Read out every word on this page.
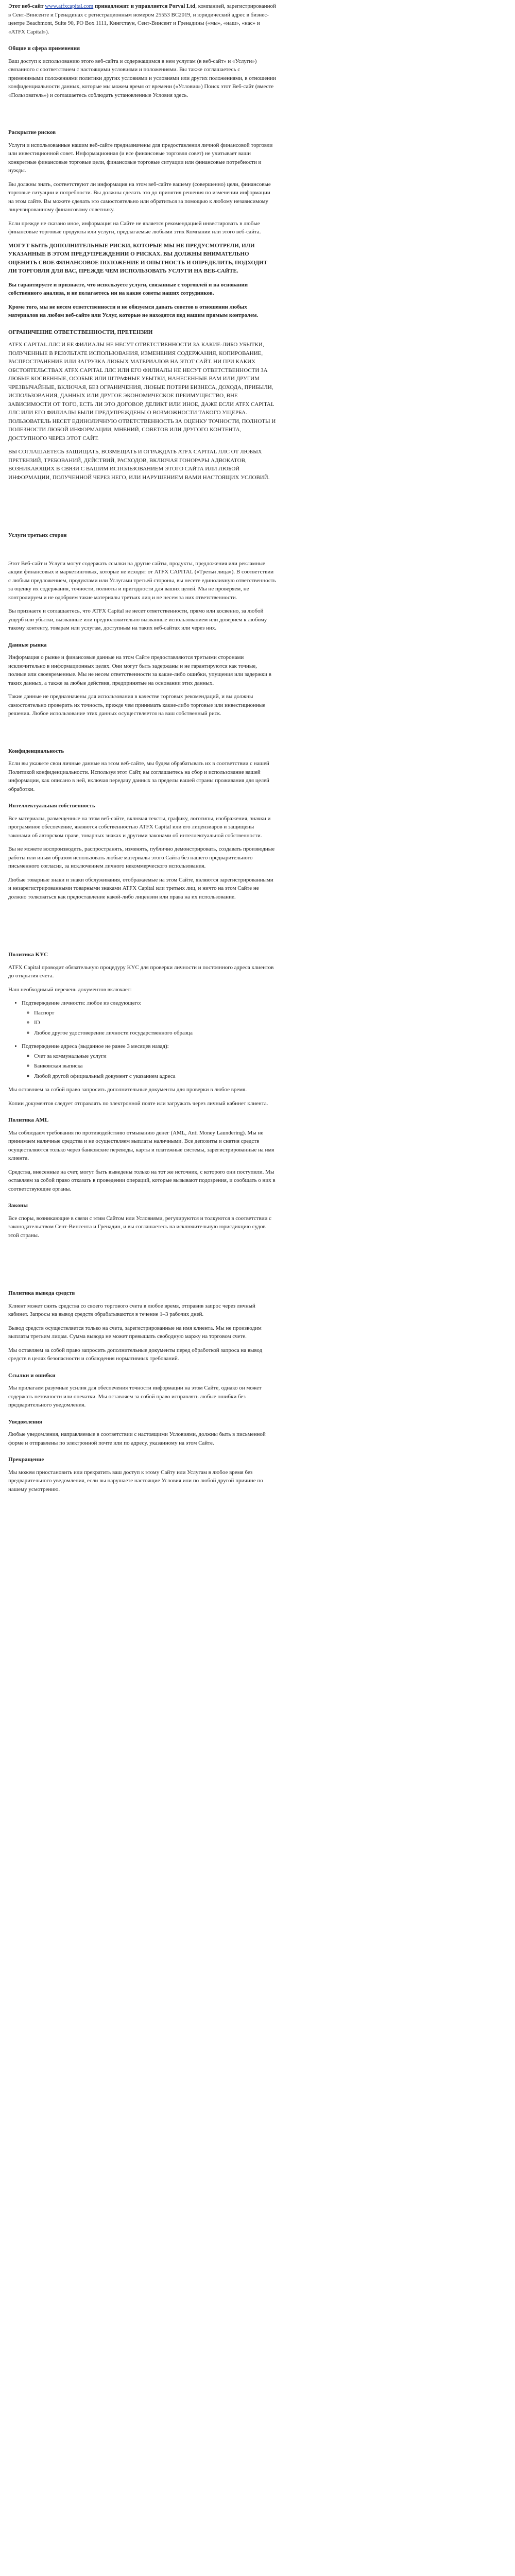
Этот веб-сайт www.atfxcapital.com принадлежит и управляется Porval Ltd, компанией, зарегистрированной в Сент-Винсенте и Гренадинах с регистрационным номером 25553 BC2019, и юридический адрес в бизнес-центре Beachmont, Suite 90, PO Box 1111, Кингстаун, Сент-Винсент и Гренадины («мы», «наш», «нас» и «ATFX Capital»).

Общие и сфера применения

Ваш доступ к использованию этого веб-сайта и содержащимся в нем услугам (в веб-сайт» и «Услуги») связанного с соответствием с настоящими условиями и положениями. Вы также соглашаетесь с применимыми положениями политики других условиями и условиями или других положениями, в отношении конфиденциальности данных, которые мы можем время от времени («Условия») Поиск этот Веб-сайт (вместе «Пользователь») и соглашаетесь соблюдать установленные Условия здесь.

Раскрытие рисков

Услуги и использованные нашим веб-сайте предназначены для предоставления личной финансовой торговли или инвестиционной совет. Информационная (и все финансовые торговля совет) не учитывает ваши конкретные финансовые торговые цели, финансовые торговые ситуации или финансовые потребности и нужды.

Вы должны знать, соответствуют ли информация на этом веб-сайте вашему (совершенно) цели, финансовые торговые ситуации и потребности. Вы должны сделать это до принятия решения по изменении информации на этом сайте. Вы можете сделать это самостоятельно или обратиться за помощью к любому независимому лицензированному финансовому советнику.

Если прежде не сказано иное, информация на Сайте не является рекомендацией инвестировать в любые финансовые торговые продукты или услуги, предлагаемые любыми этих Компании или этого веб-сайта.

МОГУТ БЫТЬ ДОПОЛНИТЕЛЬНЫЕ РИСКИ, КОТОРЫЕ МЫ НЕ ПРЕДУСМОТРЕЛИ, ИЛИ УКАЗАННЫЕ В ЭТОМ ПРЕДУПРЕЖДЕНИИ О РИСКАХ. ВЫ ДОЛЖНЫ ВНИМАТЕЛЬНО ОЦЕНИТЬ СВОЕ ФИНАНСОВОЕ ПОЛОЖЕНИЕ И ОПЫТНОСТЬ И ОПРЕДЕЛИТЬ, ПОДХОДИТ ЛИ ТОРГОВЛЯ ДЛЯ ВАС, ПРЕЖДЕ ЧЕМ ИСПОЛЬЗОВАТЬ УСЛУГИ НА ВЕБ-САЙТЕ.

Вы гарантируете и признаете, что используете услуги, связанные с торговлей и на основании собственного анализа, и не полагаетесь ни на какие советы наших сотрудников.

Кроме того, мы не несем ответственности и не обязуемся давать советов в отношении любых материалов на любом веб-сайте или Услуг, которые не находятся под нашим прямым контролем.

ОГРАНИЧЕНИЕ ОТВЕТСТВЕННОСТИ, ПРЕТЕНЗИИ

ATFX CAPITAL ЛЛС И ЕЕ ФИЛИАЛЫ НЕ НЕСУТ ОТВЕТСТВЕННОСТИ ЗА КАКИЕ-ЛИБО УБЫТКИ, ПОЛУЧЕННЫЕ В РЕЗУЛЬТАТЕ ИСПОЛЬЗОВАНИЯ, ИЗМЕНЕНИЯ СОДЕРЖАНИЯ, КОПИРОВАНИЕ, РАСПРОСТРАНЕНИЕ ИЛИ ЗАГРУЗКА ЛЮБЫХ МАТЕРИАЛОВ НА ЭТОТ САЙТ. НИ ПРИ КАКИХ ОБСТОЯТЕЛЬСТВАХ ATFX CAPITAL ЛЛС ИЛИ ЕГО ФИЛИАЛЫ НЕ НЕСУТ ОТВЕТСТВЕННОСТИ ЗА ЛЮБЫЕ КОСВЕННЫЕ, ОСОБЫЕ ИЛИ ШТРАФНЫЕ УБЫТКИ, НАНЕСЕННЫЕ ВАМ ИЛИ ДРУГИМ ЧРЕЗВЫЧАЙНЫЕ, ВКЛЮЧАЯ, БЕЗ ОГРАНИЧЕНИЯ, ЛЮБЫЕ ПОТЕРИ БИЗНЕСА, ДОХОДА, ПРИБЫЛИ, ИСПОЛЬЗОВАНИЯ, ДАННЫХ ИЛИ ДРУГОЕ ЭКОНОМИЧЕСКОЕ ПРЕИМУЩЕСТВО, ВНЕ ЗАВИСИМОСТИ ОТ ТОГО, ЕСТЬ ЛИ ЭТО ДОГОВОР, ДЕЛИКТ ИЛИ ИНОЕ, ДАЖЕ ЕСЛИ ATFX CAPITAL ЛЛС ИЛИ ЕГО ФИЛИАЛЫ БЫЛИ ПРЕДУПРЕЖДЕНЫ О ВОЗМОЖНОСТИ ТАКОГО УЩЕРБА. ПОЛЬЗОВАТЕЛЬ НЕСЕТ ЕДИНОЛИЧНУЮ ОТВЕТСТВЕННОСТЬ ЗА ОЦЕНКУ ТОЧНОСТИ, ПОЛНОТЫ И ПОЛЕЗНОСТИ ЛЮБОЙ ИНФОРМАЦИИ, МНЕНИЙ, СОВЕТОВ ИЛИ ДРУГОГО КОНТЕНТА, ДОСТУПНОГО ЧЕРЕЗ ЭТОТ САЙТ.

ВЫ СОГЛАШАЕТЕСЬ ЗАЩИЩАТЬ, ВОЗМЕЩАТЬ И ОГРАЖДАТЬ ATFX CAPITAL ЛЛС ОТ ЛЮБЫХ ПРЕТЕНЗИЙ, ТРЕБОВАНИЙ, ДЕЙСТВИЙ, РАСХОДОВ, ВКЛЮЧАЯ ГОНОРАРЫ АДВОКАТОВ, ВОЗНИКАЮЩИХ В СВЯЗИ С ВАШИМ ИСПОЛЬЗОВАНИЕМ ЭТОГО САЙТА ИЛИ ЛЮБОЙ ИНФОРМАЦИИ, ПОЛУЧЕННОЙ ЧЕРЕЗ НЕГО, ИЛИ НАРУШЕНИЕМ ВАМИ НАСТОЯЩИХ УСЛОВИЙ.

Услуги третьих сторон

Этот Веб-сайт и Услуги могут содержать ссылки на другие сайты, продукты, предложения или рекламные акции финансовых и маркетинговых, которые не исходят от ATFX CAPITAL («Третьи лица»). В соответствии с любым предложением, продуктами или Услугами третьей стороны, вы несете единоличную ответственность за оценку их содержания, точности, полноты и пригодности для ваших целей. Мы не проверяем, не контролируем и не одобряем такие материалы третьих лиц и не несем за них ответственности.

Вы признаете и соглашаетесь, что ATFX Capital не несет ответственности, прямо или косвенно, за любой ущерб или убытки, вызванные или предположительно вызванные использованием или доверием к любому такому контенту, товарам или услугам, доступным на таких веб-сайтах или через них.

Данные рынка

Информация о рынке и финансовые данные на этом Сайте предоставляются третьими сторонами исключительно в информационных целях. Они могут быть задержаны и не гарантируются как точные, полные или своевременные. Мы не несем ответственности за какие-либо ошибки, упущения или задержки в таких данных, а также за любые действия, предпринятые на основании этих данных.

Такие данные не предназначены для использования в качестве торговых рекомендаций, и вы должны самостоятельно проверить их точность, прежде чем принимать какие-либо торговые или инвестиционные решения. Любое использование этих данных осуществляется на ваш собственный риск.

Конфиденциальность

Если вы укажете свои личные данные на этом веб-сайте, мы будем обрабатывать их в соответствии с нашей Политикой конфиденциальности. Используя этот Сайт, вы соглашаетесь на сбор и использование вашей информации, как описано в ней, включая передачу данных за пределы вашей страны проживания для целей обработки.

Интеллектуальная собственность

Все материалы, размещенные на этом веб-сайте, включая тексты, графику, логотипы, изображения, значки и программное обеспечение, являются собственностью ATFX Capital или его лицензиаров и защищены законами об авторском праве, товарных знаках и другими законами об интеллектуальной собственности.

Вы не можете воспроизводить, распространять, изменять, публично демонстрировать, создавать производные работы или иным образом использовать любые материалы этого Сайта без нашего предварительного письменного согласия, за исключением личного некоммерческого использования.

Любые товарные знаки и знаки обслуживания, отображаемые на этом Сайте, являются зарегистрированными и незарегистрированными товарными знаками ATFX Capital или третьих лиц, и ничто на этом Сайте не должно толковаться как предоставление какой-либо лицензии или права на их использование.

Политика KYC

ATFX Capital проводит обязательную процедуру KYC для проверки личности и постоянного адреса клиентов до открытия счета.

Наш необходимый перечень документов включает:

• Подтверждение личности: любое из следующего:
◦ Паспорт
◦ ID
◦ Любое другое удостоверение личности государственного образца
• Подтверждение адреса (выданное не ранее 3 месяцев назад):
◦ Счет за коммунальные услуги
◦ Банковская выписка
◦ Любой другой официальный документ с указанием адреса

Мы оставляем за собой право запросить дополнительные документы для проверки в любое время.

Копии документов следует отправлять по электронной почте или загружать через личный кабинет клиента.

Политика AML

Мы соблюдаем требования по противодействию отмыванию денег (AML, Anti Money Laundering). Мы не принимаем наличные средства и не осуществляем выплаты наличными. Все депозиты и снятия средств осуществляются только через банковские переводы, карты и платежные системы, зарегистрированные на имя клиента.

Средства, внесенные на счет, могут быть выведены только на тот же источник, с которого они поступили. Мы оставляем за собой право отказать в проведении операций, которые вызывают подозрения, и сообщать о них в соответствующие органы.

Законы

Все споры, возникающие в связи с этим Сайтом или Условиями, регулируются и толкуются в соответствии с законодательством Сент-Винсента и Гренадин, и вы соглашаетесь на исключительную юрисдикцию судов этой страны.

Политика вывода средств

Клиент может снять средства со своего торгового счета в любое время, отправив запрос через личный кабинет. Запросы на вывод средств обрабатываются в течение 1–3 рабочих дней.

Вывод средств осуществляется только на счета, зарегистрированные на имя клиента. Мы не производим выплаты третьим лицам. Сумма вывода не может превышать свободную маржу на торговом счете.

Мы оставляем за собой право запросить дополнительные документы перед обработкой запроса на вывод средств в целях безопасности и соблюдения нормативных требований.

Ссылки и ошибки

Мы прилагаем разумные усилия для обеспечения точности информации на этом Сайте, однако он может содержать неточности или опечатки. Мы оставляем за собой право исправлять любые ошибки без предварительного уведомления.

Уведомления

Любые уведомления, направляемые в соответствии с настоящими Условиями, должны быть в письменной форме и отправлены по электронной почте или по адресу, указанному на этом Сайте.

Прекращение

Мы можем приостановить или прекратить ваш доступ к этому Сайту или Услугам в любое время без предварительного уведомления, если вы нарушаете настоящие Условия или по любой другой причине по нашему усмотрению.
